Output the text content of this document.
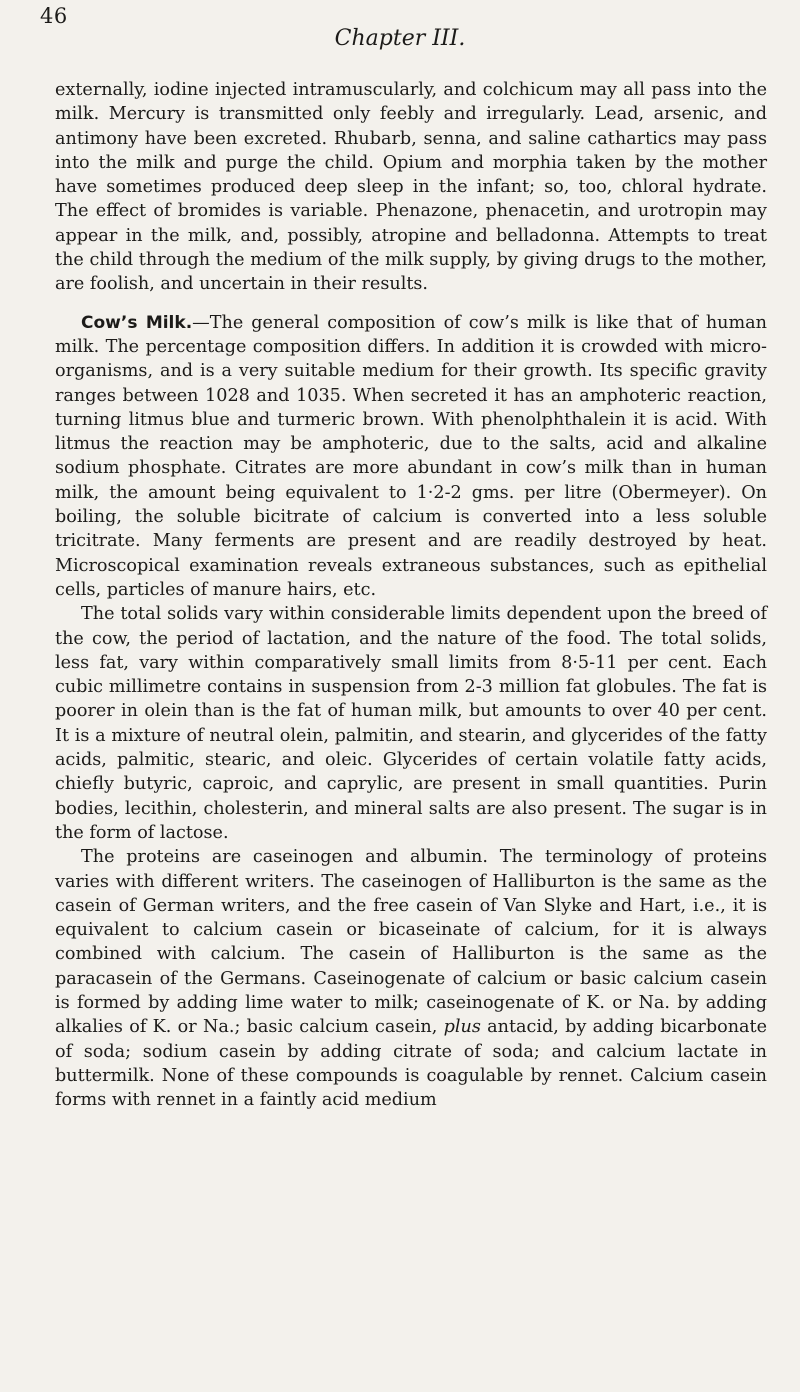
46
Chapter III.

externally, iodine injected intramuscularly, and colchicum may all pass into the milk. Mercury is transmitted only feebly and irregularly. Lead, arsenic, and antimony have been excreted. Rhubarb, senna, and saline cathartics may pass into the milk and purge the child. Opium and morphia taken by the mother have sometimes produced deep sleep in the infant; so, too, chloral hydrate. The effect of bromides is variable. Phenazone, phenacetin, and urotropin may appear in the milk, and, possibly, atropine and belladonna. Attempts to treat the child through the medium of the milk supply, by giving drugs to the mother, are foolish, and uncertain in their results.

Cow’s Milk.—The general composition of cow’s milk is like that of human milk. The percentage composition differs. In addition it is crowded with micro-organisms, and is a very suitable medium for their growth. Its specific gravity ranges between 1028 and 1035. When secreted it has an amphoteric reaction, turning litmus blue and turmeric brown. With phenolphthalein it is acid. With litmus the reaction may be amphoteric, due to the salts, acid and alkaline sodium phosphate. Citrates are more abundant in cow’s milk than in human milk, the amount being equivalent to 1·2-2 gms. per litre (Obermeyer). On boiling, the soluble bicitrate of calcium is converted into a less soluble tricitrate. Many ferments are present and are readily destroyed by heat. Microscopical examination reveals extraneous substances, such as epithelial cells, particles of manure hairs, etc.

The total solids vary within considerable limits dependent upon the breed of the cow, the period of lactation, and the nature of the food. The total solids, less fat, vary within comparatively small limits from 8·5-11 per cent. Each cubic millimetre contains in suspension from 2-3 million fat globules. The fat is poorer in olein than is the fat of human milk, but amounts to over 40 per cent. It is a mixture of neutral olein, palmitin, and stearin, and glycerides of the fatty acids, palmitic, stearic, and oleic. Glycerides of certain volatile fatty acids, chiefly butyric, caproic, and caprylic, are present in small quantities. Purin bodies, lecithin, cholesterin, and mineral salts are also present. The sugar is in the form of lactose.

The proteins are caseinogen and albumin. The terminology of proteins varies with different writers. The caseinogen of Halliburton is the same as the casein of German writers, and the free casein of Van Slyke and Hart, i.e., it is equivalent to calcium casein or bicaseinate of calcium, for it is always combined with calcium. The casein of Halliburton is the same as the paracasein of the Germans. Caseinogenate of calcium or basic calcium casein is formed by adding lime water to milk; caseinogenate of K. or Na. by adding alkalies of K. or Na.; basic calcium casein, plus antacid, by adding bicarbonate of soda; sodium casein by adding citrate of soda; and calcium lactate in buttermilk. None of these compounds is coagulable by rennet. Calcium casein forms with rennet in a faintly acid medium
